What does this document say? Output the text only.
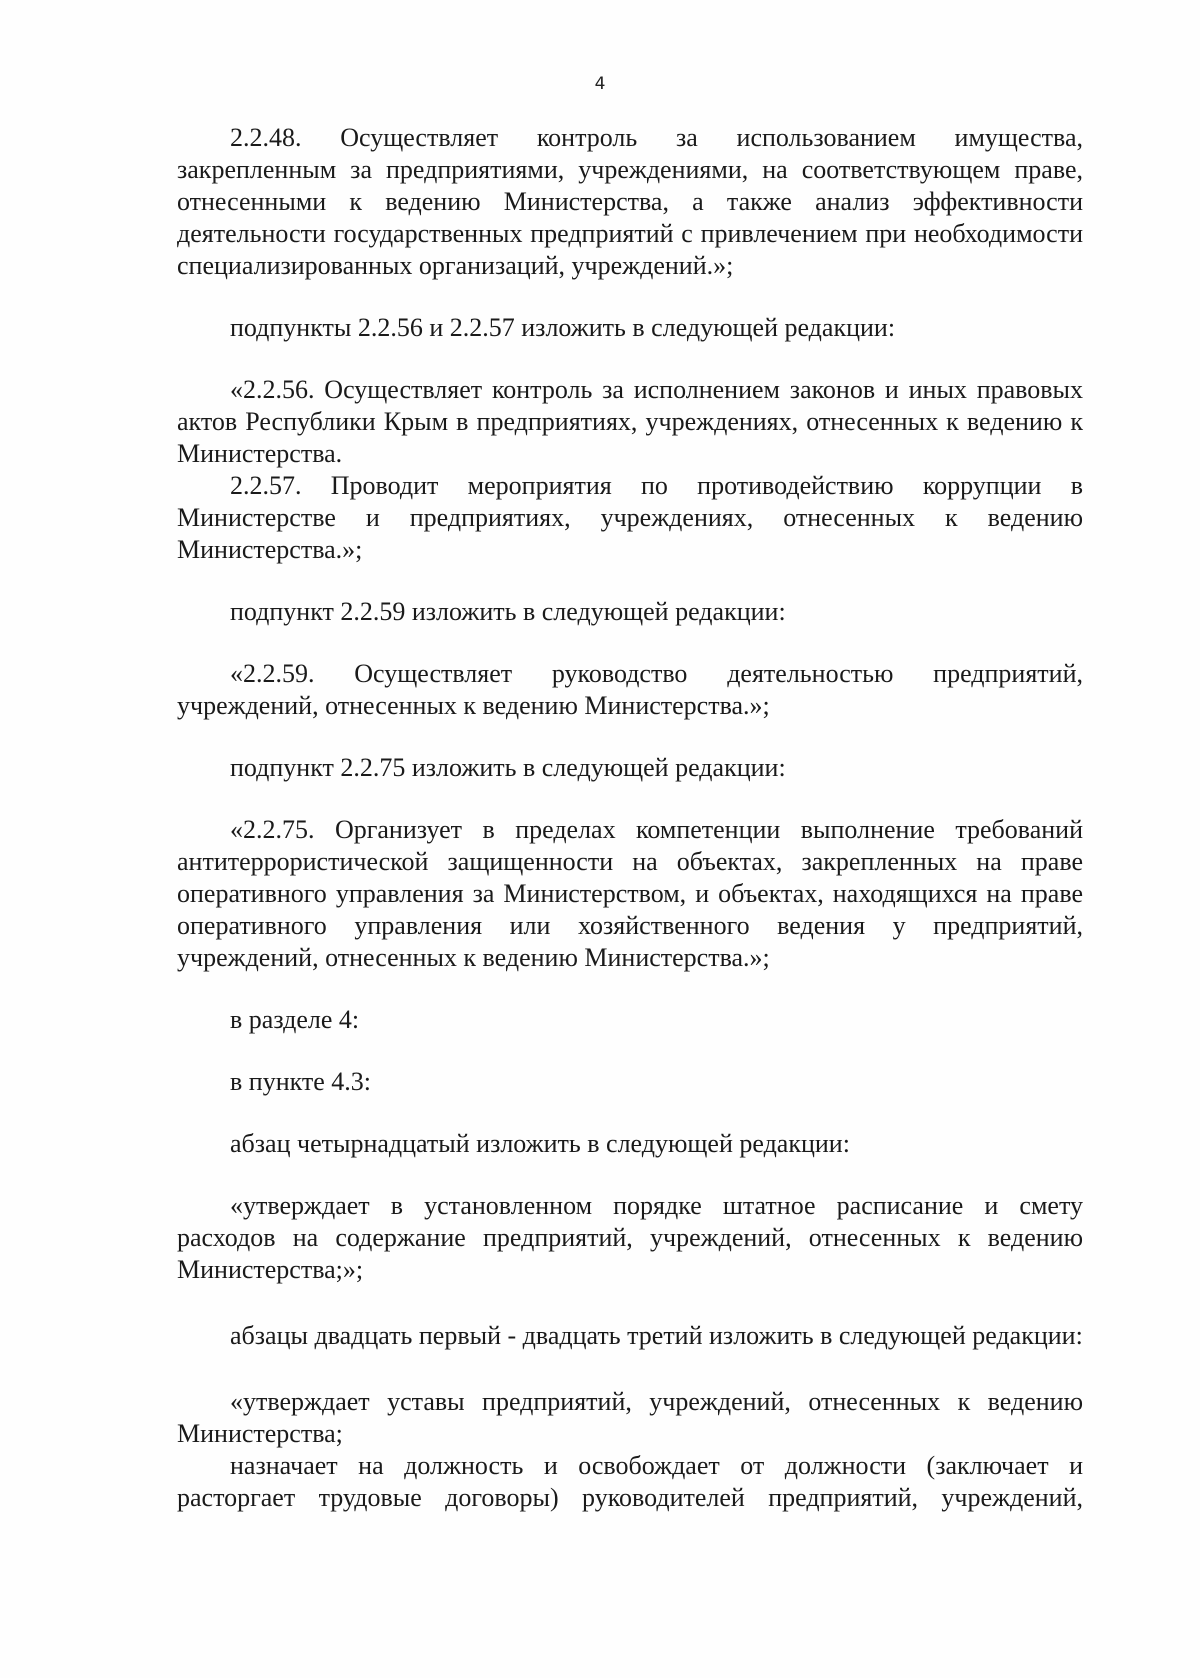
4

2.2.48. Осуществляет контроль за использованием имущества, закрепленным за предприятиями, учреждениями, на соответствующем праве, отнесенными к ведению Министерства, а также анализ эффективности деятельности государственных предприятий с привлечением при необходимости специализированных организаций, учреждений.»;

подпункты 2.2.56 и 2.2.57 изложить в следующей редакции:

«2.2.56. Осуществляет контроль за исполнением законов и иных правовых актов Республики Крым в предприятиях, учреждениях, отнесенных к ведению к Министерства.

2.2.57. Проводит мероприятия по противодействию коррупции в Министерстве и предприятиях, учреждениях, отнесенных к ведению Министерства.»;

подпункт 2.2.59 изложить в следующей редакции:

«2.2.59. Осуществляет руководство деятельностью предприятий, учреждений, отнесенных к ведению Министерства.»;

подпункт 2.2.75 изложить в следующей редакции:

«2.2.75. Организует в пределах компетенции выполнение требований антитеррористической защищенности на объектах, закрепленных на праве оперативного управления за Министерством, и объектах, находящихся на праве оперативного управления или хозяйственного ведения у предприятий, учреждений, отнесенных к ведению Министерства.»;

в разделе 4:

в пункте 4.3:

абзац четырнадцатый изложить в следующей редакции:

«утверждает в установленном порядке штатное расписание и смету расходов на содержание предприятий, учреждений, отнесенных к ведению Министерства;»;

абзацы двадцать первый - двадцать третий изложить в следующей редакции:

«утверждает уставы предприятий, учреждений, отнесенных к ведению Министерства;

назначает на должность и освобождает от должности (заключает и расторгает трудовые договоры) руководителей предприятий, учреждений,
